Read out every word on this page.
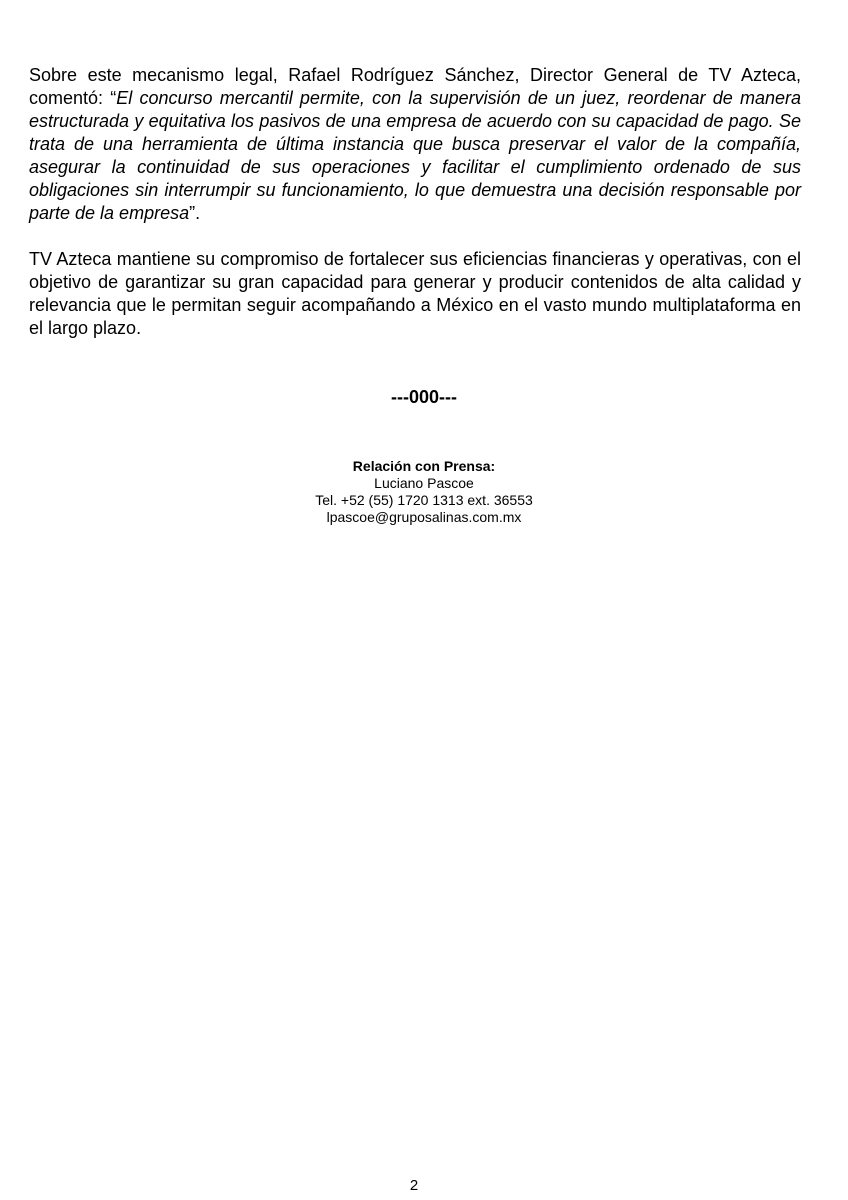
Sobre este mecanismo legal, Rafael Rodríguez Sánchez, Director General de TV Azteca, comentó: “El concurso mercantil permite, con la supervisión de un juez, reordenar de manera estructurada y equitativa los pasivos de una empresa de acuerdo con su capacidad de pago. Se trata de una herramienta de última instancia que busca preservar el valor de la compañía, asegurar la continuidad de sus operaciones y facilitar el cumplimiento ordenado de sus obligaciones sin interrumpir su funcionamiento, lo que demuestra una decisión responsable por parte de la empresa”.

TV Azteca mantiene su compromiso de fortalecer sus eficiencias financieras y operativas, con el objetivo de garantizar su gran capacidad para generar y producir contenidos de alta calidad y relevancia que le permitan seguir acompañando a México en el vasto mundo multiplataforma en el largo plazo.

---000---
Relación con Prensa:
Luciano Pascoe
Tel. +52 (55) 1720 1313 ext. 36553
lpascoe@gruposalinas.com.mx
2
